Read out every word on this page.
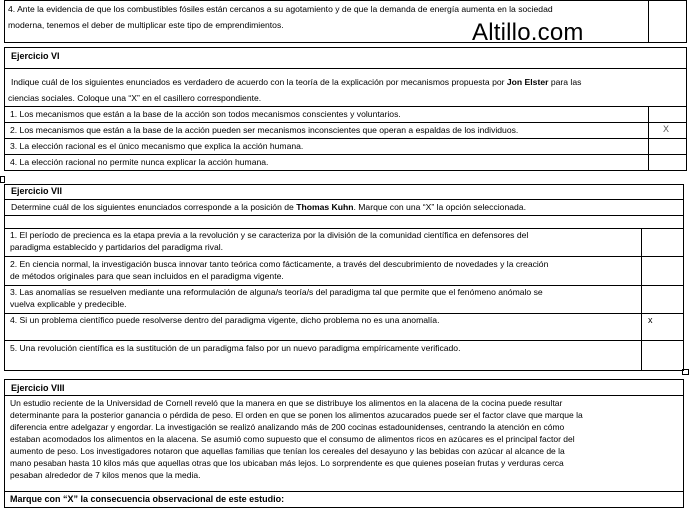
Altillo.com
4. Ante la evidencia de que los combustibles fósiles están cercanos a su agotamiento y de que la demanda de energía aumenta en la sociedad
moderna, tenemos el deber de multiplicar este tipo de emprendimientos.
Ejercicio VI
Indique cuál de los siguientes enunciados es verdadero de acuerdo con la teoría de la explicación por mecanismos propuesta por Jon Elster para las
ciencias sociales. Coloque una “X” en el casillero correspondiente.
1. Los mecanismos que están a la base de la acción son todos mecanismos conscientes y voluntarios.
2. Los mecanismos que están a la base de la acción pueden ser mecanismos inconscientes que operan a espaldas de los individuos.
3. La elección racional es el único mecanismo que explica la acción humana.
4. La elección racional no permite nunca explicar la acción humana.
X
Ejercicio VII
Determine cuál de los siguientes enunciados corresponde a la posición de Thomas Kuhn. Marque con una “X” la opción seleccionada.
1. El período de precienca es la etapa previa a la revolución y se caracteriza por la división de la comunidad científica en defensores del
paradigma establecido y partidarios del paradigma rival.
2. En ciencia normal, la investigación busca innovar tanto teórica como fácticamente, a través del descubrimiento de novedades y la creación
de métodos originales para que sean incluidos en el paradigma vigente.
3. Las anomalías se resuelven mediante una reformulación de alguna/s teoría/s del paradigma tal que permite que el fenómeno anómalo se
vuelva explicable y predecible.
4. Si un problema científico puede resolverse dentro del paradigma vigente, dicho problema no es una anomalía.
5. Una revolución científica es la sustitución de un paradigma falso por un nuevo paradigma empíricamente verificado.
x
Ejercicio VIII
Un estudio reciente de la Universidad de Cornell reveló que la manera en que se distribuye los alimentos en la alacena de la cocina puede resultar
determinante para la posterior ganancia o pérdida de peso. El orden en que se ponen los alimentos azucarados puede ser el factor clave que marque la
diferencia entre adelgazar y engordar. La investigación se realizó analizando más de 200 cocinas estadounidenses, centrando la atención en cómo
estaban acomodados los alimentos en la alacena. Se asumió como supuesto que el consumo de alimentos ricos en azúcares es el principal factor del
aumento de peso. Los investigadores notaron que aquellas familias que tenían los cereales del desayuno y las bebidas con azúcar al alcance de la
mano pesaban hasta 10 kilos más que aquellas otras que los ubicaban más lejos. Lo sorprendente es que quienes poseían frutas y verduras cerca
pesaban alrededor de 7 kilos menos que la media.
Marque con “X” la consecuencia observacional de este estudio:
